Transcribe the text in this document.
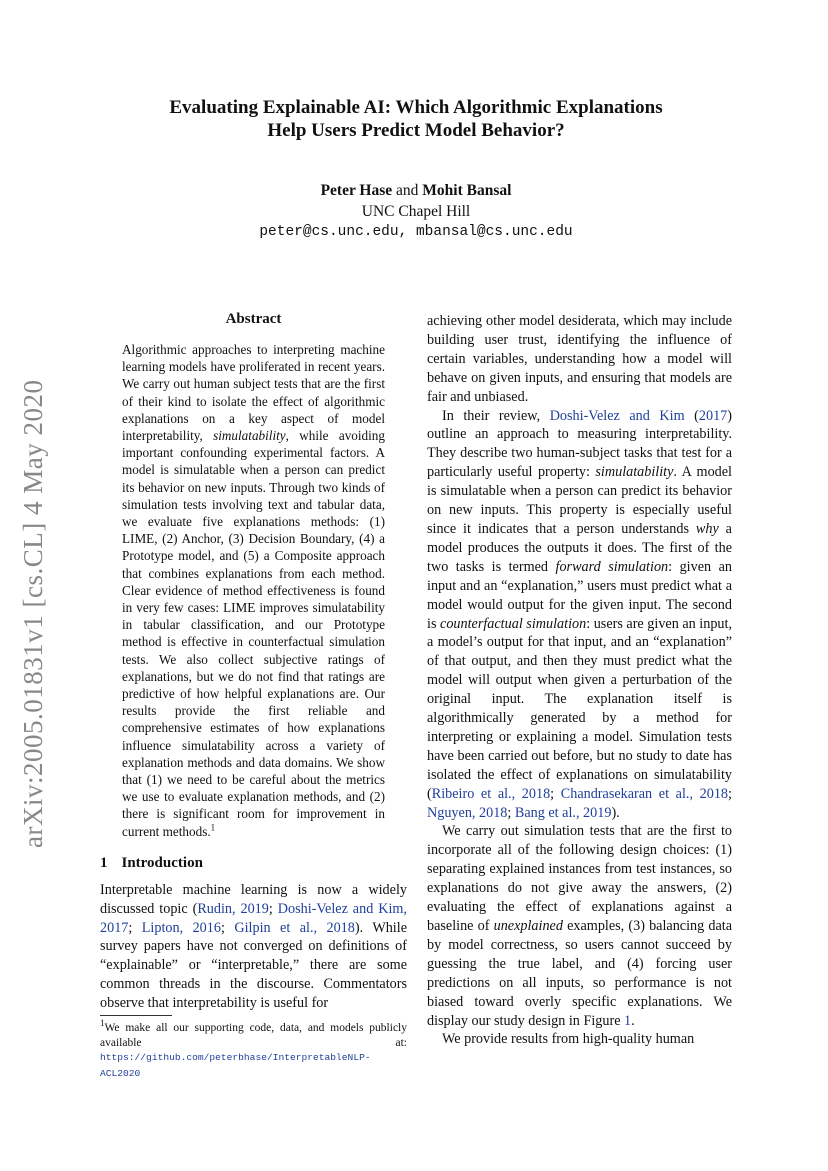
arXiv:2005.01831v1 [cs.CL] 4 May 2020
Evaluating Explainable AI: Which Algorithmic Explanations
Help Users Predict Model Behavior?
Peter Hase and Mohit Bansal
UNC Chapel Hill
peter@cs.unc.edu, mbansal@cs.unc.edu
Abstract

Algorithmic approaches to interpreting machine learning models have proliferated in recent years. We carry out human subject tests that are the first of their kind to isolate the effect of algorithmic explanations on a key aspect of model interpretability, simulatability, while avoiding important confounding experimental factors. A model is simulatable when a person can predict its behavior on new inputs. Through two kinds of simulation tests involving text and tabular data, we evaluate five explanations methods: (1) LIME, (2) Anchor, (3) Decision Boundary, (4) a Prototype model, and (5) a Composite approach that combines explanations from each method. Clear evidence of method effectiveness is found in very few cases: LIME improves simulatability in tabular classification, and our Prototype method is effective in counterfactual simulation tests. We also collect subjective ratings of explanations, but we do not find that ratings are predictive of how helpful explanations are. Our results provide the first reliable and comprehensive estimates of how explanations influence simulatability across a variety of explanation methods and data domains. We show that (1) we need to be careful about the metrics we use to evaluate explanation methods, and (2) there is significant room for improvement in current methods.$^1$

1 Introduction

Interpretable machine learning is now a widely discussed topic (Rudin, 2019; Doshi-Velez and Kim, 2017; Lipton, 2016; Gilpin et al., 2018). While survey papers have not converged on definitions of “explainable” or “interpretable,” there are some common threads in the discourse. Commentators observe that interpretability is useful for

$^1$We make all our supporting code, data, and models publicly available at: https://github.com/peterbhase/InterpretableNLP-ACL2020

achieving other model desiderata, which may include building user trust, identifying the influence of certain variables, understanding how a model will behave on given inputs, and ensuring that models are fair and unbiased.

In their review, Doshi-Velez and Kim (2017) outline an approach to measuring interpretability. They describe two human-subject tasks that test for a particularly useful property: simulatability. A model is simulatable when a person can predict its behavior on new inputs. This property is especially useful since it indicates that a person understands why a model produces the outputs it does. The first of the two tasks is termed forward simulation: given an input and an “explanation,” users must predict what a model would output for the given input. The second is counterfactual simulation: users are given an input, a model’s output for that input, and an “explanation” of that output, and then they must predict what the model will output when given a perturbation of the original input. The explanation itself is algorithmically generated by a method for interpreting or explaining a model. Simulation tests have been carried out before, but no study to date has isolated the effect of explanations on simulatability (Ribeiro et al., 2018; Chandrasekaran et al., 2018; Nguyen, 2018; Bang et al., 2019).

We carry out simulation tests that are the first to incorporate all of the following design choices: (1) separating explained instances from test instances, so explanations do not give away the answers, (2) evaluating the effect of explanations against a baseline of unexplained examples, (3) balancing data by model correctness, so users cannot succeed by guessing the true label, and (4) forcing user predictions on all inputs, so performance is not biased toward overly specific explanations. We display our study design in Figure 1.

We provide results from high-quality human
